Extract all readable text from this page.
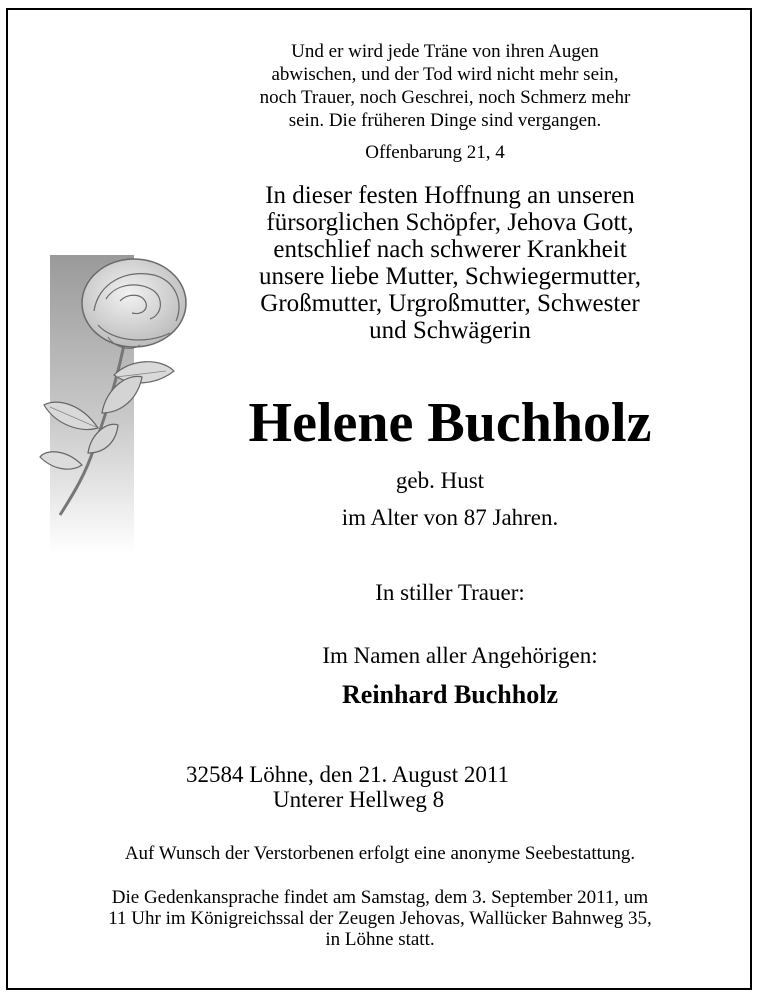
Und er wird jede Träne von ihren Augen
abwischen, und der Tod wird nicht mehr sein,
noch Trauer, noch Geschrei, noch Schmerz mehr
sein. Die früheren Dinge sind vergangen.
Offenbarung 21, 4
In dieser festen Hoffnung an unseren
fürsorglichen Schöpfer, Jehova Gott,
entschlief nach schwerer Krankheit
unsere liebe Mutter, Schwiegermutter,
Großmutter, Urgroßmutter, Schwester
und Schwägerin
Helene Buchholz
geb. Hust
im Alter von 87 Jahren.
In stiller Trauer:
Im Namen aller Angehörigen:
Reinhard Buchholz
32584 Löhne, den 21. August 2011
Unterer Hellweg 8
Auf Wunsch der Verstorbenen erfolgt eine anonyme Seebestattung.
Die Gedenkansprache findet am Samstag, dem 3. September 2011, um
11 Uhr im Königreichssal der Zeugen Jehovas, Wallücker Bahnweg 35,
in Löhne statt.
